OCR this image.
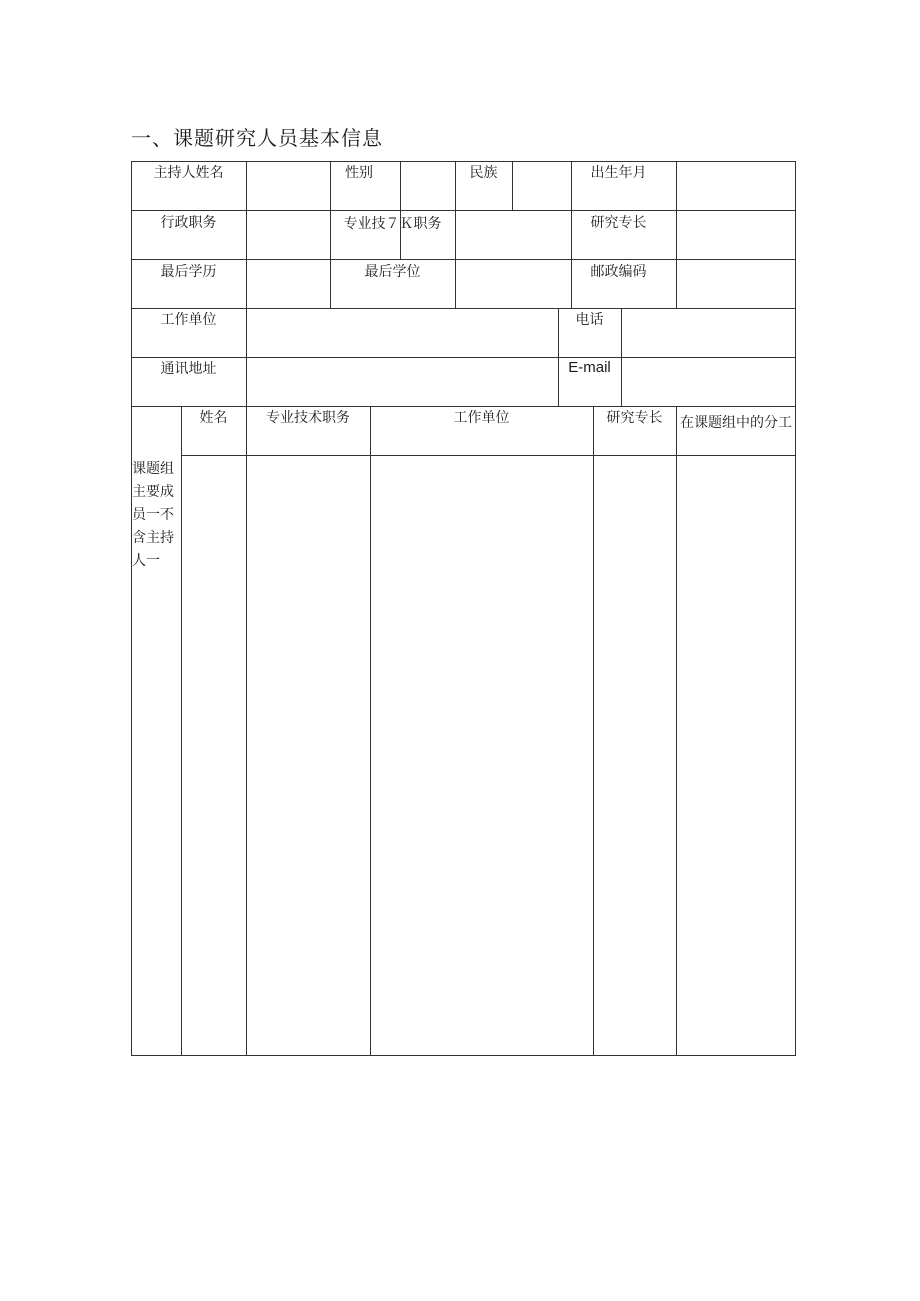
一、课题研究人员基本信息
主持人姓名	性别	民族	出生年月
行政职务	专业技７Ｋ职务	研究专长
最后学历	最后学位	邮政编码
工作单位	电话
通讯地址	E-mail
姓名	专业技术职务	工作单位	研究专长	在课题组中的分工
课题组主要成员一不含主持人一
